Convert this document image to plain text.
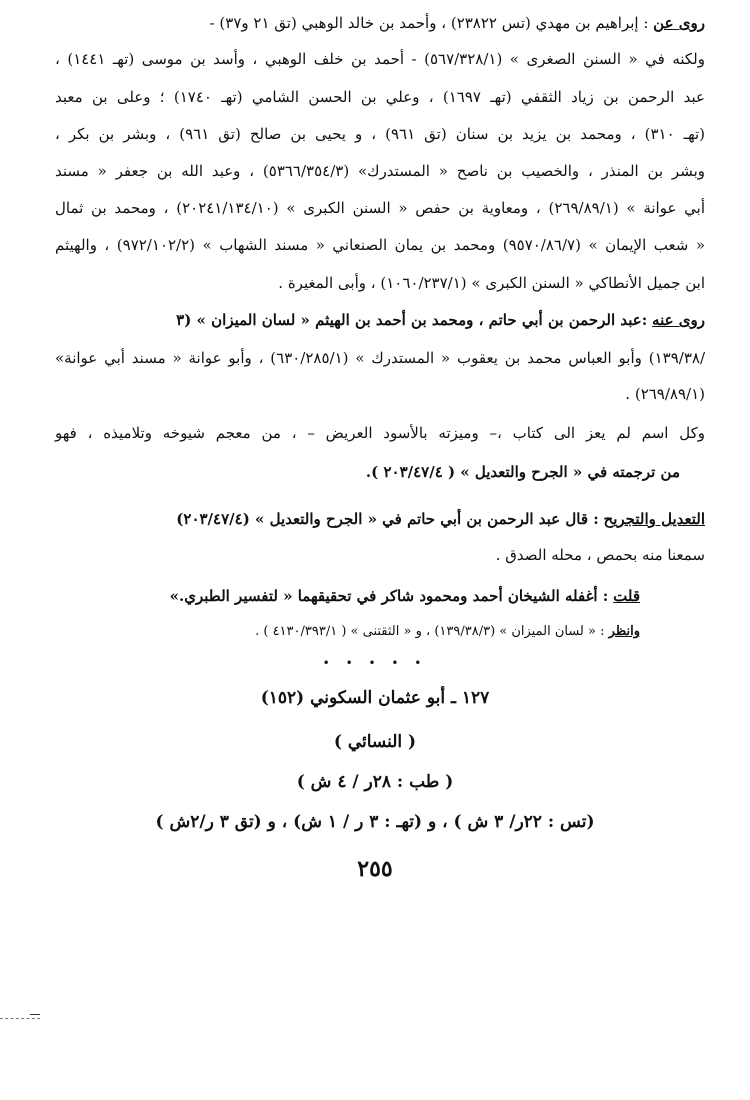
روى عن : إبراهيم بن مهدي (تس ٢٣٨٢٢) ، وأحمد بن خالد الوهبي (تق ٢١ و٣٧) -
ولكنه في « السنن الصغرى » (٥٦٧/٣٢٨/١) - أحمد بن خلف الوهبي ، وأسد بن موسى (تهـ ١٤٤١) ،
عبد الرحمن بن زياد الثقفي (تهـ ١٦٩٧) ، وعلي بن الحسن الشامي (تهـ ١٧٤٠) ؛ وعلى بن معبد
(تهـ ٣١٠) ، ومحمد بن يزيد بن سنان (تق ٩٦١) ، و يحيى بن صالح (تق ٩٦١) ، وبشر بن بكر ،
وبشر بن المنذر ، والخصيب بن ناصح « المستدرك» (٥٣٦٦/٣٥٤/٣) ، وعبد الله بن جعفر « مسند
أبي عوانة » (٢٦٩/٨٩/١) ، ومعاوية بن حفص « السنن الكبرى » (٢٠٢٤١/١٣٤/١٠) ، ومحمد بن ثمال
« شعب الإيمان » (٩٥٧٠/٨٦/٧) ومحمد بن يمان الصنعاني « مسند الشهاب » (٩٧٢/١٠٢/٢) ، والهيثم
ابن جميل الأنطاكي « السنن الكبرى » (١٠٦٠/٢٣٧/١) ، وأبى المغيرة .
روى عنه :عبد الرحمن بن أبي حاتم ، ومحمد بن أحمد بن الهيثم « لسان الميزان » (٣
/١٣٩/٣٨) وأبو العباس محمد بن يعقوب « المستدرك » (٦٣٠/٢٨٥/١) ، وأبو عوانة « مسند أبي عوانة»
(٢٦٩/٨٩/١) .
وكل اسم لم يعز الى كتاب ،– وميزته بالأسود العريض – ، من معجم شيوخه وتلاميذه ، فهو
من ترجمته في « الجرح والتعديل » ( ٢٠٣/٤٧/٤ ).
التعديل والتجريح : قال عبد الرحمن بن أبي حاتم في « الجرح والتعديل » (٢٠٣/٤٧/٤)
سمعنا منه بحمص ، محله الصدق .
قلت : أغفله الشيخان أحمد ومحمود شاكر في تحقيقهما « لتفسير الطبري.»
وانظر : « لسان الميزان » (١٣٩/٣٨/٣) ، و « الثقتنى » ( ٤١٣٠/٣٩٣/١ ) .
• • • • •
١٢٧ ـ أبو عثمان السكوني (١٥٢)
( النسائي )
( طب : ٢٨ر / ٤ ش )
(تس : ٢٢ر/ ٣ ش ) ، و (تهـ : ٣ ر / ١ ش) ، و (تق ٣ ر/٢ش )
٢٥٥
